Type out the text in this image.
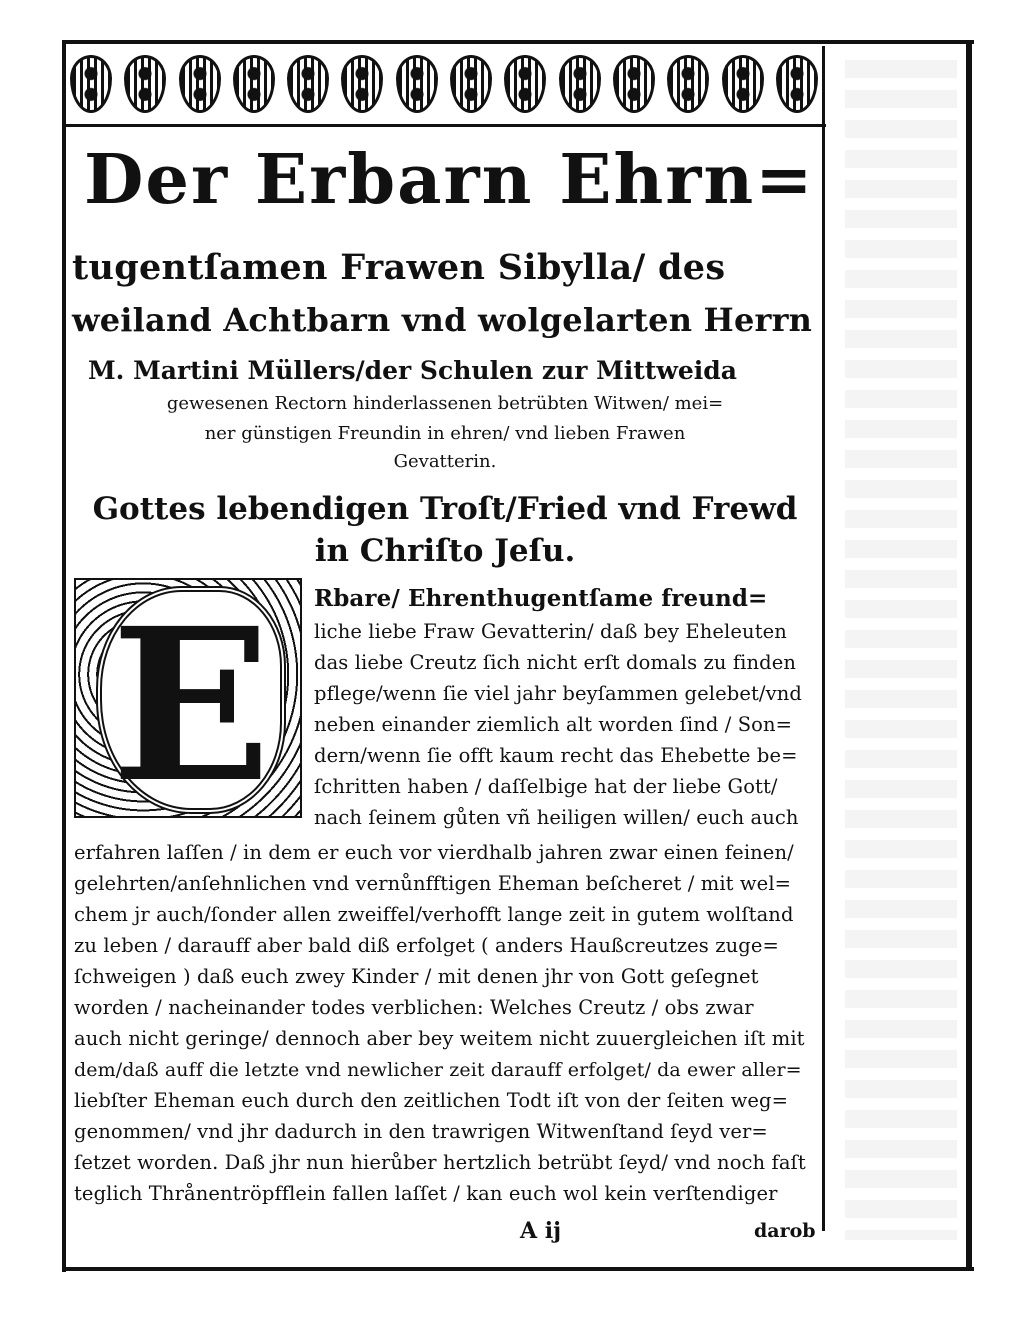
Der Erbarn Ehrn=
tugentſamen Frawen Sibylla/ des
weiland Achtbarn vnd wolgelarten Herrn
M. Martini Müllers/der Schulen zur Mittweida
gewesenen Rectorn hinderlassenen betrübten Witwen/ mei=
ner günstigen Freundin in ehren/ vnd lieben Frawen
Gevatterin.
Gottes lebendigen Troſt/Fried vnd Frewd
in Chriſto Jeſu.
E	Rbare/ Ehrenthugentſame freund=
liche liebe Fraw Gevatterin/ daß bey Eheleuten
das liebe Creutz ſich nicht erſt domals zu finden
pflege/wenn ſie viel jahr beyſammen gelebet/vnd
neben einander ziemlich alt worden ſind / Son=
dern/wenn ſie offt kaum recht das Ehebette be=
ſchritten haben / daſſelbige hat der liebe Gott/
nach ſeinem gůten vñ heiligen willen/ euch auch
erfahren laſſen / in dem er euch vor vierdhalb jahren zwar einen feinen/
gelehrten/anſehnlichen vnd vernůnfftigen Eheman beſcheret / mit wel=
chem jr auch/ſonder allen zweiffel/verhofft lange zeit in gutem wolſtand
zu leben / darauff aber bald diß erfolget ( anders Haußcreutzes zuge=
ſchweigen ) daß euch zwey Kinder / mit denen jhr von Gott geſegnet
worden / nacheinander todes verblichen: Welches Creutz / obs zwar
auch nicht geringe/ dennoch aber bey weitem nicht zuuergleichen iſt mit
dem/daß auff die letzte vnd newlicher zeit darauff erfolget/ da ewer aller=
liebſter Eheman euch durch den zeitlichen Todt iſt von der ſeiten weg=
genommen/ vnd jhr dadurch in den trawrigen Witwenſtand ſeyd ver=
ſetzet worden. Daß jhr nun hierůber hertzlich betrübt ſeyd/ vnd noch faſt
teglich Thrånentröpfflein fallen laſſet / kan euch wol kein verſtendiger
A ij	darob
